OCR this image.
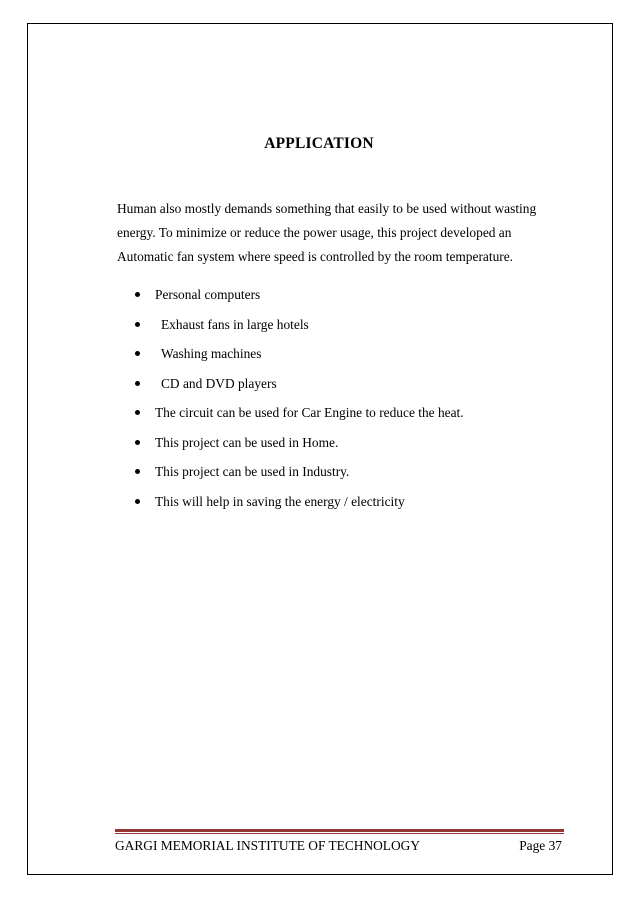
APPLICATION
Human also mostly demands something that easily to be used without wasting
energy. To minimize or reduce the power usage, this project developed an
Automatic fan system where speed is controlled by the room temperature.
Personal computers
Exhaust fans in large hotels
Washing machines
CD and DVD players
The circuit can be used for Car Engine to reduce the heat.
This project can be used in Home.
This project can be used in Industry.
This will help in saving the energy / electricity
GARGI MEMORIAL INSTITUTE OF TECHNOLOGY	Page 37
